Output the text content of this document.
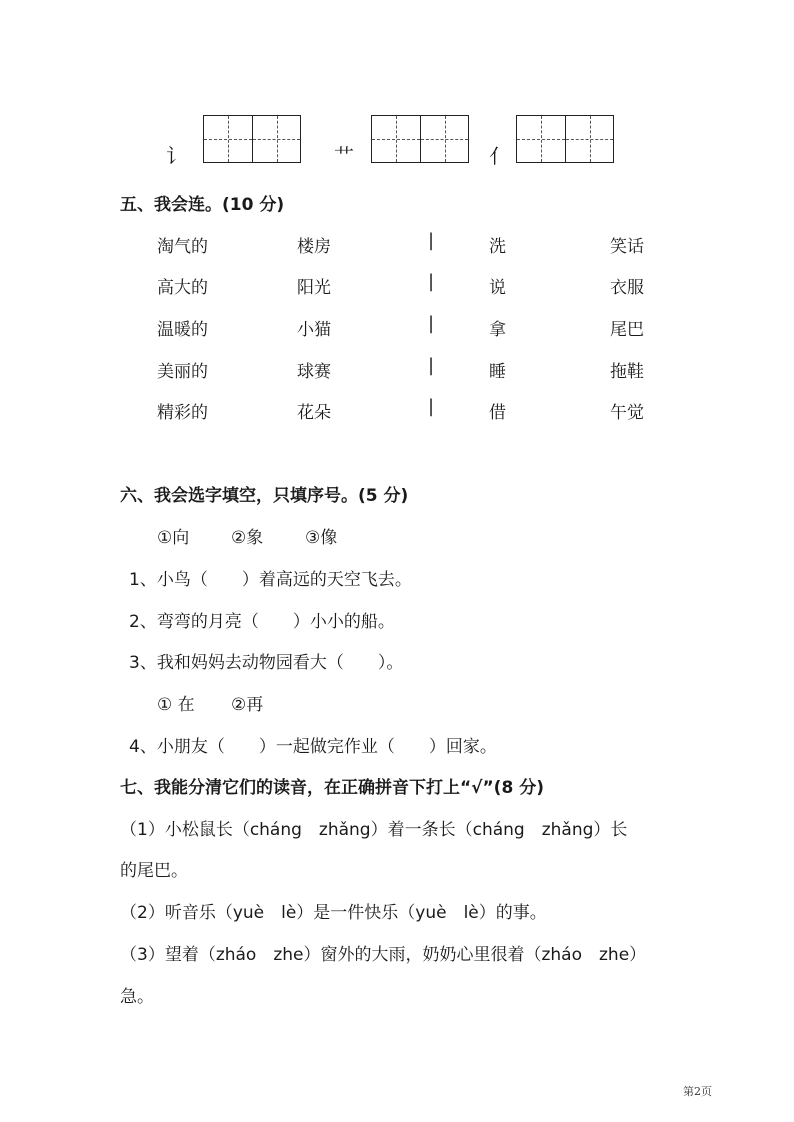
讠	艹	亻
五、我会连。(10 分)
淘气的	楼房	|	洗	笑话
高大的	阳光	|	说	衣服
温暖的	小猫	|	拿	尾巴
美丽的	球赛	|	睡	拖鞋
精彩的	花朵	|	借	午觉
六、我会选字填空，只填序号。(5 分)
①向 ②象 ③像
1、小鸟（　　）着高远的天空飞去。
2、弯弯的月亮（　　）小小的船。
3、我和妈妈去动物园看大（　　）。
① 在 ②再
4、小朋友（　　）一起做完作业（　　）回家。
七、我能分清它们的读音，在正确拼音下打上“√”(8 分)
（1）小松鼠长（cháng　zhǎng）着一条长（cháng　zhǎng）长
的尾巴。
（2）听音乐（yuè　lè）是一件快乐（yuè　lè）的事。
（3）望着（zháo　zhe）窗外的大雨，奶奶心里很着（zháo　zhe）
急。
第2页
